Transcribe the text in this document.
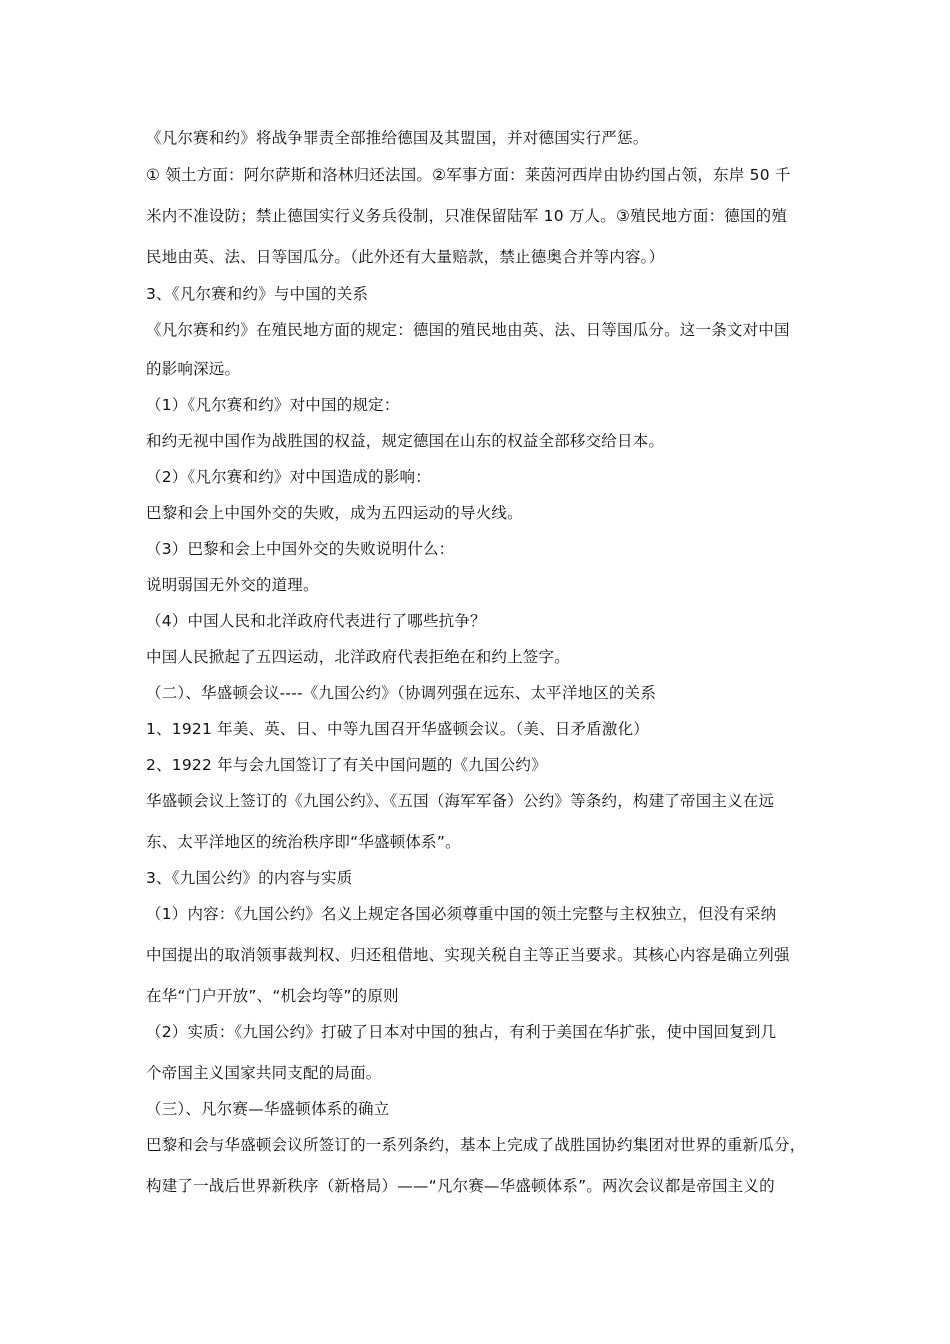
《凡尔赛和约》将战争罪责全部推给德国及其盟国，并对德国实行严惩。
① 领土方面：阿尔萨斯和洛林归还法国。②军事方面：莱茵河西岸由协约国占领，东岸 50 千
米内不准设防；禁止德国实行义务兵役制，只准保留陆军 10 万人。③殖民地方面：德国的殖
民地由英、法、日等国瓜分。（此外还有大量赔款，禁止德奥合并等内容。）
3、《凡尔赛和约》与中国的关系
《凡尔赛和约》在殖民地方面的规定：德国的殖民地由英、法、日等国瓜分。这一条文对中国
的影响深远。
（1）《凡尔赛和约》对中国的规定：
和约无视中国作为战胜国的权益，规定德国在山东的权益全部移交给日本。
（2）《凡尔赛和约》对中国造成的影响：
巴黎和会上中国外交的失败，成为五四运动的导火线。
（3）巴黎和会上中国外交的失败说明什么：
说明弱国无外交的道理。
（4）中国人民和北洋政府代表进行了哪些抗争？
中国人民掀起了五四运动，北洋政府代表拒绝在和约上签字。
（二）、华盛顿会议----《九国公约》（协调列强在远东、太平洋地区的关系
1、1921 年美、英、日、中等九国召开华盛顿会议。（美、日矛盾激化）
2、1922 年与会九国签订了有关中国问题的《九国公约》
华盛顿会议上签订的《九国公约》、《五国（海军军备）公约》等条约，构建了帝国主义在远
东、太平洋地区的统治秩序即“华盛顿体系”。
3、《九国公约》的内容与实质
（1）内容：《九国公约》名义上规定各国必须尊重中国的领土完整与主权独立，但没有采纳
中国提出的取消领事裁判权、归还租借地、实现关税自主等正当要求。其核心内容是确立列强
在华“门户开放”、“机会均等”的原则
（2）实质：《九国公约》打破了日本对中国的独占，有利于美国在华扩张，使中国回复到几
个帝国主义国家共同支配的局面。
（三）、凡尔赛—华盛顿体系的确立
巴黎和会与华盛顿会议所签订的一系列条约，基本上完成了战胜国协约集团对世界的重新瓜分，
构建了一战后世界新秩序（新格局）——“凡尔赛—华盛顿体系”。两次会议都是帝国主义的
